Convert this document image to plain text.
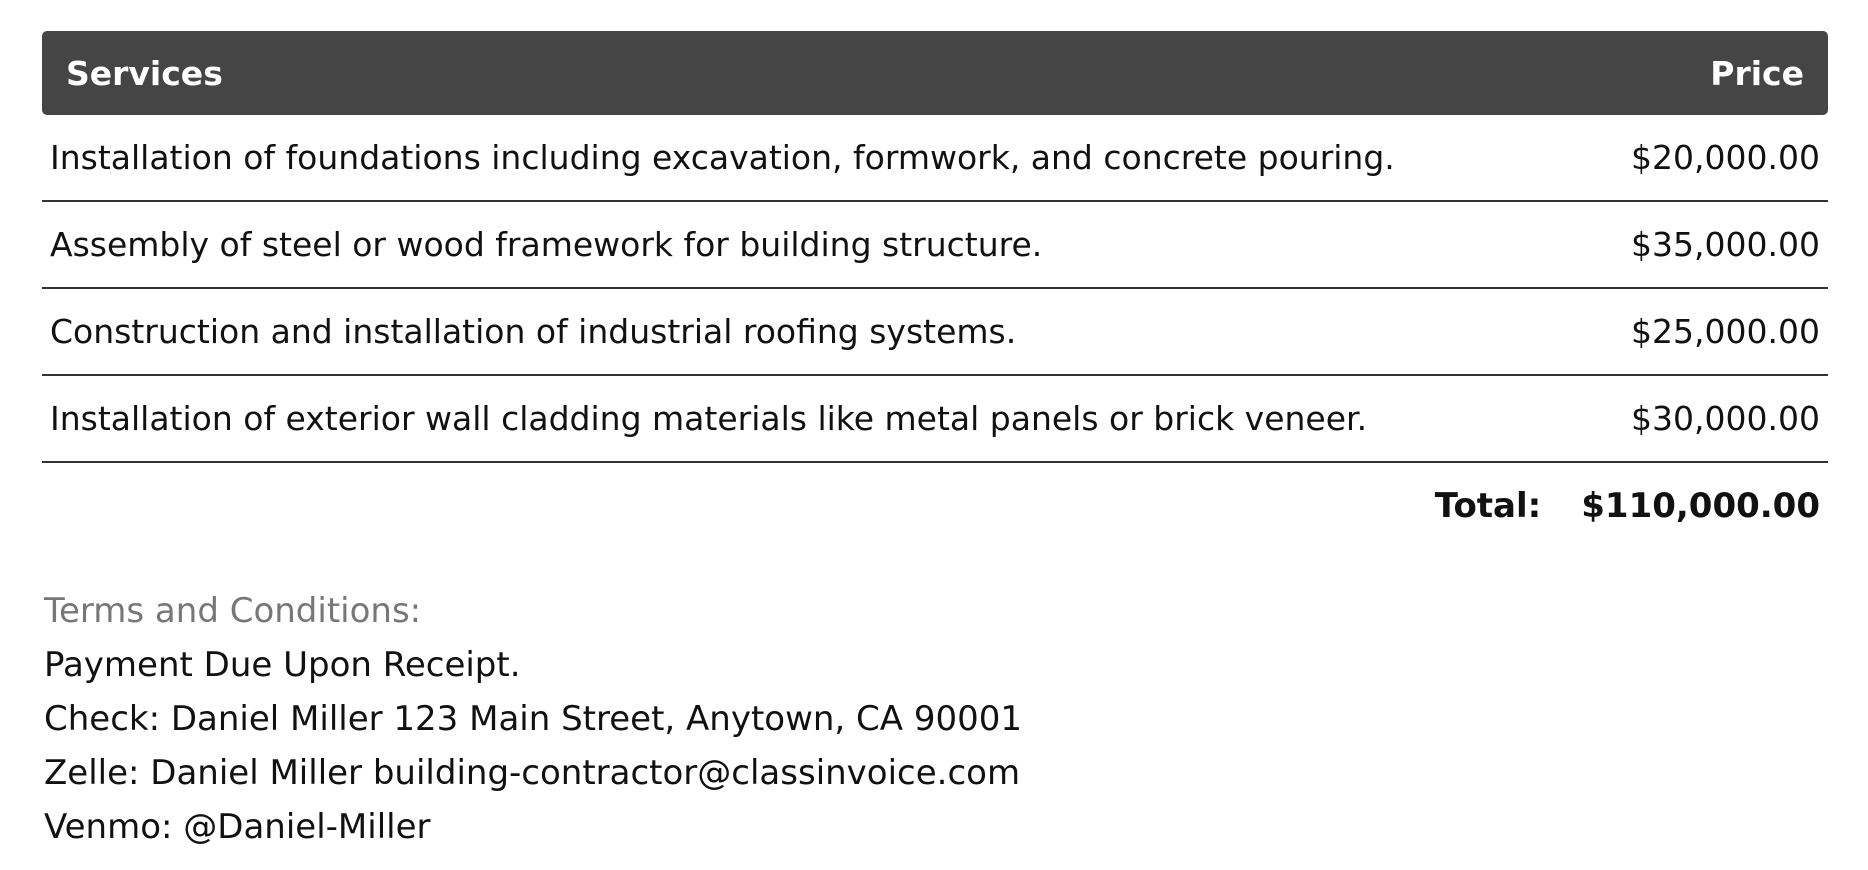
Services	Price
Installation of foundations including excavation, formwork, and concrete pouring.	$20,000.00
Assembly of steel or wood framework for building structure.	$35,000.00
Construction and installation of industrial roofing systems.	$25,000.00
Installation of exterior wall cladding materials like metal panels or brick veneer.	$30,000.00
Total: $110,000.00
Terms and Conditions:
Payment Due Upon Receipt.
Check: Daniel Miller 123 Main Street, Anytown, CA 90001
Zelle: Daniel Miller building-contractor@classinvoice.com
Venmo: @Daniel-Miller
